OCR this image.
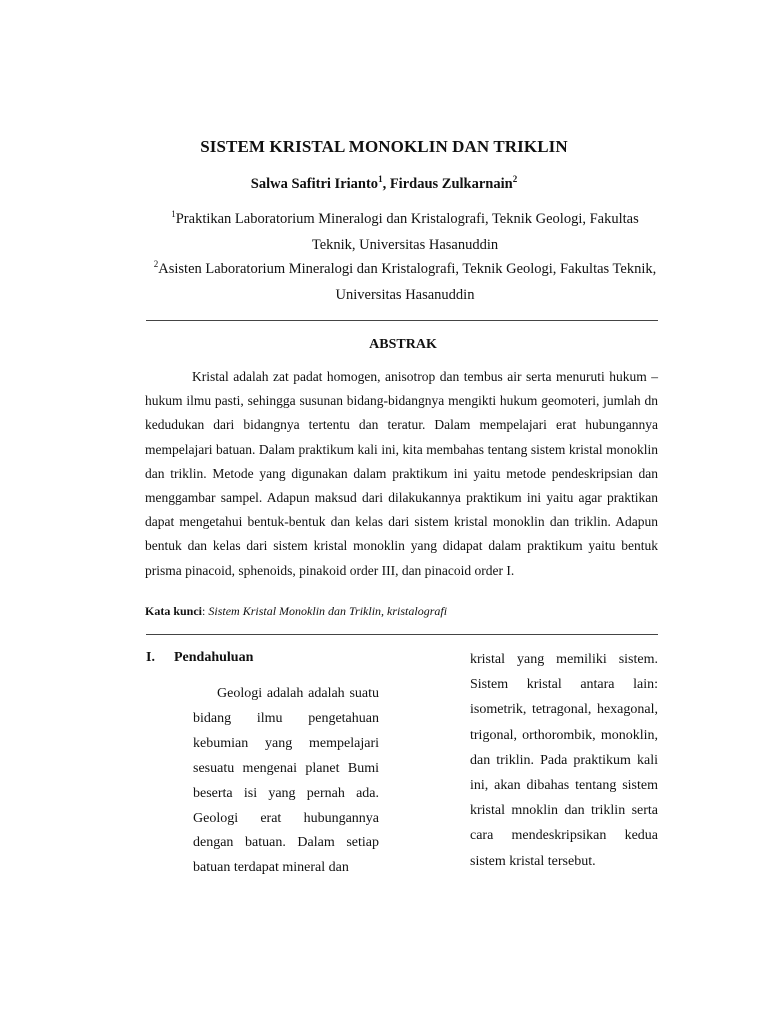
SISTEM KRISTAL MONOKLIN DAN TRIKLIN
Salwa Safitri Irianto$^1$, Firdaus Zulkarnain$^2$
$^1$Praktikan Laboratorium Mineralogi dan Kristalografi, Teknik Geologi, Fakultas Teknik, Universitas Hasanuddin
$^2$Asisten Laboratorium Mineralogi dan Kristalografi, Teknik Geologi, Fakultas Teknik, Universitas Hasanuddin
ABSTRAK

Kristal adalah zat padat homogen, anisotrop dan tembus air serta menuruti hukum –hukum ilmu pasti, sehingga susunan bidang-bidangnya mengikti hukum geomoteri, jumlah dn kedudukan dari bidangnya tertentu dan teratur. Dalam mempelajari erat hubungannya mempelajari batuan. Dalam praktikum kali ini, kita membahas tentang sistem kristal monoklin dan triklin. Metode yang digunakan dalam praktikum ini yaitu metode pendeskripsian dan menggambar sampel. Adapun maksud dari dilakukannya praktikum ini yaitu agar praktikan dapat mengetahui bentuk-bentuk dan kelas dari sistem kristal monoklin dan triklin. Adapun bentuk dan kelas dari sistem kristal monoklin yang didapat dalam praktikum yaitu bentuk prisma pinacoid, sphenoids, pinakoid order III, dan pinacoid order I.

Kata kunci: Sistem Kristal Monoklin dan Triklin, kristalografi
I. Pendahuluan

Geologi adalah adalah suatu bidang ilmu pengetahuan kebumian yang mempelajari sesuatu mengenai planet Bumi beserta isi yang pernah ada. Geologi erat hubungannya dengan batuan. Dalam setiap batuan terdapat mineral dan

kristal yang memiliki sistem. Sistem kristal antara lain: isometrik, tetragonal, hexagonal, trigonal, orthorombik, monoklin, dan triklin. Pada praktikum kali ini, akan dibahas tentang sistem kristal mnoklin dan triklin serta cara mendeskripsikan kedua sistem kristal tersebut.
